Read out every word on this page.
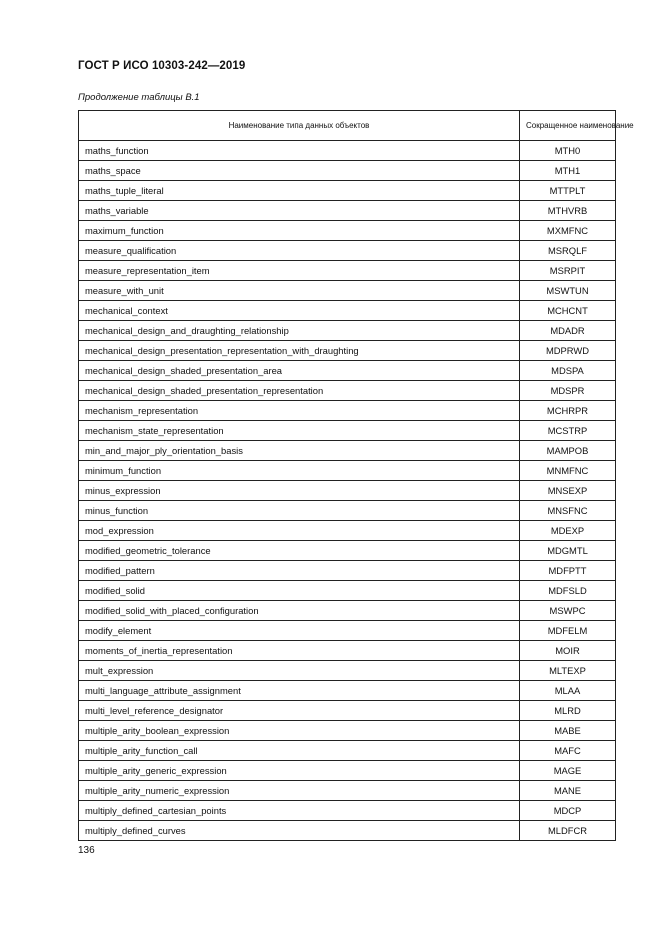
ГОСТ Р ИСО 10303-242—2019
Продолжение таблицы В.1
Наименование типа данных объектов	Сокращенное наименование
maths_function	MTH0
maths_space	MTH1
maths_tuple_literal	MTTPLT
maths_variable	MTHVRB
maximum_function	MXMFNC
measure_qualification	MSRQLF
measure_representation_item	MSRPIT
measure_with_unit	MSWTUN
mechanical_context	MCHCNT
mechanical_design_and_draughting_relationship	MDADR
mechanical_design_presentation_representation_with_draughting	MDPRWD
mechanical_design_shaded_presentation_area	MDSPA
mechanical_design_shaded_presentation_representation	MDSPR
mechanism_representation	MCHRPR
mechanism_state_representation	MCSTRP
min_and_major_ply_orientation_basis	MAMPOB
minimum_function	MNMFNC
minus_expression	MNSEXP
minus_function	MNSFNC
mod_expression	MDEXP
modified_geometric_tolerance	MDGMTL
modified_pattern	MDFPTT
modified_solid	MDFSLD
modified_solid_with_placed_configuration	MSWPC
modify_element	MDFELM
moments_of_inertia_representation	MOIR
mult_expression	MLTEXP
multi_language_attribute_assignment	MLAA
multi_level_reference_designator	MLRD
multiple_arity_boolean_expression	MABE
multiple_arity_function_call	MAFC
multiple_arity_generic_expression	MAGE
multiple_arity_numeric_expression	MANE
multiply_defined_cartesian_points	MDCP
multiply_defined_curves	MLDFCR
136
